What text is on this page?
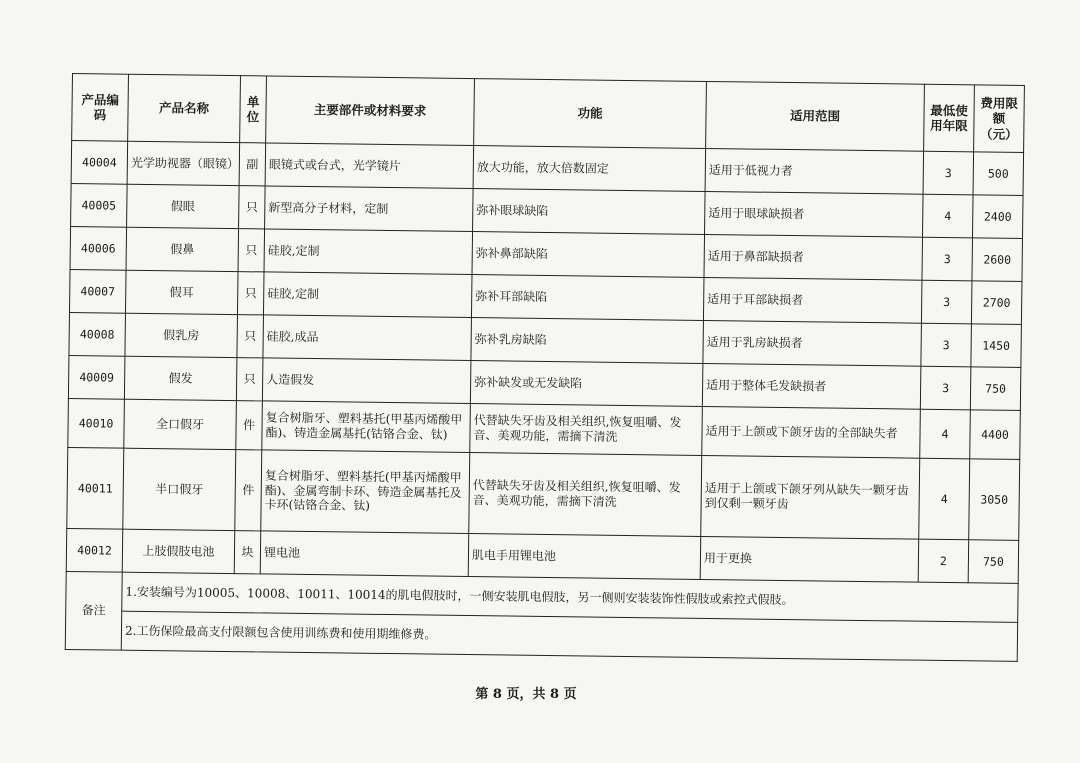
产品编码	产品名称	单位	主要部件或材料要求	功能	适用范围	最低使用年限	费用限额（元）
40004	光学助视器（眼镜）	副	眼镜式或台式，光学镜片	放大功能，放大倍数固定	适用于低视力者	3	500
40005	假眼	只	新型高分子材料，定制	弥补眼球缺陷	适用于眼球缺损者	4	2400
40006	假鼻	只	硅胶,定制	弥补鼻部缺陷	适用于鼻部缺损者	3	2600
40007	假耳	只	硅胶,定制	弥补耳部缺陷	适用于耳部缺损者	3	2700
40008	假乳房	只	硅胶,成品	弥补乳房缺陷	适用于乳房缺损者	3	1450
40009	假发	只	人造假发	弥补缺发或无发缺陷	适用于整体毛发缺损者	3	750
40010	全口假牙	件	复合树脂牙、塑料基托(甲基丙烯酸甲酯)、铸造金属基托(钴铬合金、钛)	代替缺失牙齿及相关组织,恢复咀嚼、发音、美观功能，需摘下清洗	适用于上颌或下颌牙齿的全部缺失者	4	4400
40011	半口假牙	件	复合树脂牙、塑料基托(甲基丙烯酸甲酯)、金属弯制卡环、铸造金属基托及卡环(钴铬合金、钛)	代替缺失牙齿及相关组织,恢复咀嚼、发音、美观功能，需摘下清洗	适用于上颌或下颌牙列从缺失一颗牙齿到仅剩一颗牙齿	4	3050
40012	上肢假肢电池	块	锂电池	肌电手用锂电池	用于更换	2	750
备注	1.安装编号为10005、10008、10011、10014的肌电假肢时，一侧安装肌电假肢，另一侧则安装装饰性假肢或索控式假肢。						
	2.工伤保险最高支付限额包含使用训练费和使用期维修费。						
第 8 页，共 8 页
